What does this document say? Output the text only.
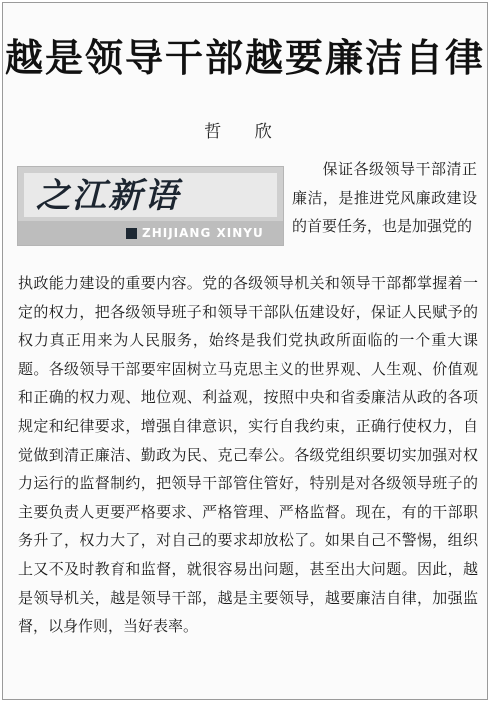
越是领导干部越要廉洁自律
哲 欣
之江新语
ZHIJIANG XINYU
保证各级领导干部清正廉洁，是推进党风廉政建设的首要任务，也是加强党的
执政能力建设的重要内容。党的各级领导机关和领导干部都掌握着一定的权力，把各级领导班子和领导干部队伍建设好，保证人民赋予的权力真正用来为人民服务，始终是我们党执政所面临的一个重大课题。各级领导干部要牢固树立马克思主义的世界观、人生观、价值观和正确的权力观、地位观、利益观，按照中央和省委廉洁从政的各项规定和纪律要求，增强自律意识，实行自我约束，正确行使权力，自觉做到清正廉洁、勤政为民、克己奉公。各级党组织要切实加强对权力运行的监督制约，把领导干部管住管好，特别是对各级领导班子的主要负责人更要严格要求、严格管理、严格监督。现在，有的干部职务升了，权力大了，对自己的要求却放松了。如果自己不警惕，组织上又不及时教育和监督，就很容易出问题，甚至出大问题。因此，越是领导机关，越是领导干部，越是主要领导，越要廉洁自律，加强监督，以身作则，当好表率。
